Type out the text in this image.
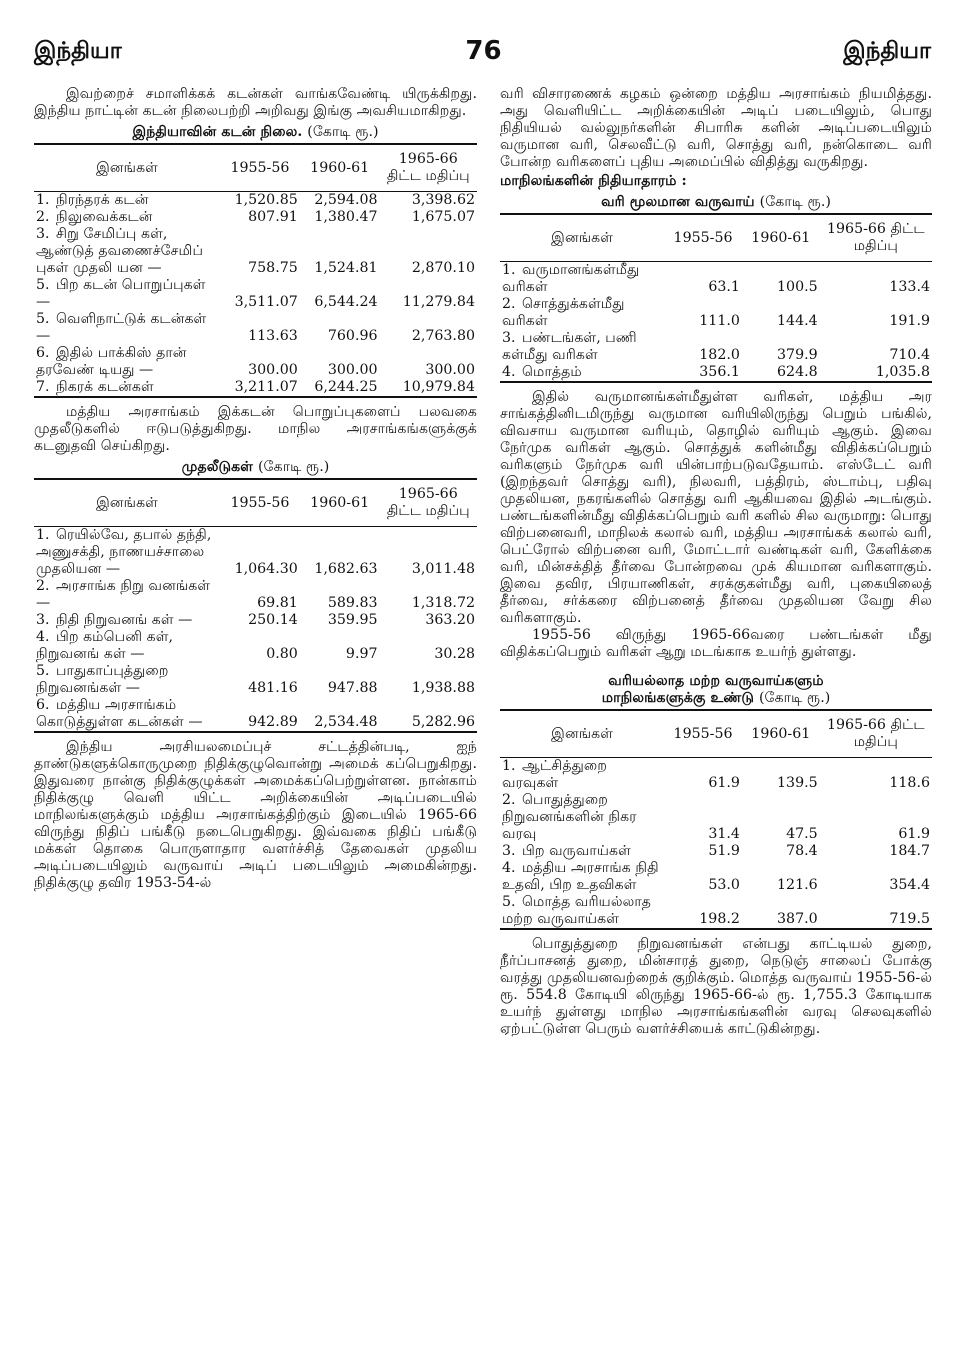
இந்தியா	76	இந்தியா

இவற்றைச் சமாளிக்கக் கடன்கள் வாங்கவேண்டி யிருக்கிறது. இந்திய நாட்டின் கடன் நிலைபற்றி அறிவது இங்கு அவசியமாகிறது.

இந்தியாவின் கடன் நிலை. (கோடி ரூ.)
இனங்கள்	1955-56	1960-61	1965-66 திட்ட மதிப்பு
1. நிரந்தரக் கடன்	1,520.85	2,594.08	3,398.62
2. நிலுவைக்கடன்	807.91	1,380.47	1,675.07
3. சிறு சேமிப்பு கள், ஆண்டுத் தவணைச்சேமிப் புகள் முதலி யன —	758.75	1,524.81	2,870.10
5. பிற கடன் பொறுப்புகள்—	3,511.07	6,544.24	11,279.84
5. வெளிநாட்டுக் கடன்கள் —	113.63	760.96	2,763.80
6. இதில் பாக்கிஸ் தான் தரவேண் டியது —	300.00	300.00	300.00
7. நிகரக் கடன்கள்	3,211.07	6,244.25	10,979.84

மத்திய அரசாங்கம் இக்கடன் பொறுப்புகளைப் பலவகை முதலீடுகளில் ஈடுபடுத்துகிறது. மாநில அரசாங்கங்களுக்குக் கடனுதவி செய்கிறது.

முதலீடுகள் (கோடி ரூ.)
இனங்கள்	1955-56	1960-61	1965-66 திட்ட மதிப்பு
1. ரெயில்வே, தபால் தந்தி, அணுசக்தி, நாணயச்சாலை முதலியன —	1,064.30	1,682.63	3,011.48
2. அரசாங்க நிறு வனங்கள் —	69.81	589.83	1,318.72
3. நிதி நிறுவனங் கள் —	250.14	359.95	363.20
4. பிற கம்பெனி கள், நிறுவனங் கள் —	0.80	9.97	30.28
5. பாதுகாப்புத்துறை நிறுவனங்கள் —	481.16	947.88	1,938.88
6. மத்திய அரசாங்கம் கொடுத்துள்ள கடன்கள் —	942.89	2,534.48	5,282.96

இந்திய அரசியலமைப்புச் சட்டத்தின்படி, ஐந் தாண்டுகளுக்கொருமுறை நிதிக்குழுவொன்று அமைக் கப்பெறுகிறது. இதுவரை நான்கு நிதிக்குழுக்கள் அமைக்கப்பெற்றுள்ளன. நான்காம் நிதிக்குழு வெளி யிட்ட அறிக்கையின் அடிப்படையில் மாநிலங்களுக்கும் மத்திய அரசாங்கத்திற்கும் இடையில் 1965-66 விருந்து நிதிப் பங்கீடு நடைபெறுகிறது. இவ்வகை நிதிப் பங்கீடு மக்கள் தொகை பொருளாதார வளர்ச்சித் தேவைகள் முதலிய அடிப்படையிலும் வருவாய் அடிப் படையிலும் அமைகின்றது. நிதிக்குழு தவிர 1953-54-ல்

வரி விசாரணைக் கழகம் ஒன்றை மத்திய அரசாங்கம் நியமித்தது. அது வெளியிட்ட அறிக்கையின் அடிப் படையிலும், பொது நிதியியல் வல்லுநர்களின் சிபாரிசு களின் அடிப்படையிலும் வருமான வரி, செலவீட்டு வரி, சொத்து வரி, நன்கொடை வரி போன்ற வரிகளைப் புதிய அமைப்பில் விதித்து வருகிறது.

மாநிலங்களின் நிதியாதாரம் :

வரி மூலமான வருவாய் (கோடி ரூ.)
இனங்கள்	1955-56	1960-61	1965-66 திட்ட மதிப்பு
1. வருமானங்கள்மீது வரிகள்	63.1	100.5	133.4
2. சொத்துக்கள்மீது வரிகள்	111.0	144.4	191.9
3. பண்டங்கள், பணி கள்மீது வரிகள்	182.0	379.9	710.4
4. மொத்தம்	356.1	624.8	1,035.8

இதில் வருமானங்கள்மீதுள்ள வரிகள், மத்திய அர சாங்கத்தினிடமிருந்து வருமான வரியிலிருந்து பெறும் பங்கில், விவசாய வருமான வரியும், தொழில் வரியும் ஆகும். இவை நேர்முக வரிகள் ஆகும். சொத்துக் களின்மீது விதிக்கப்பெறும் வரிகளும் நேர்முக வரி யின்பாற்படுவதேயாம். எஸ்டேட் வரி (இறந்தவர் சொத்து வரி), நிலவரி, பத்திரம், ஸ்டாம்பு, பதிவு முதலியன, நகரங்களில் சொத்து வரி ஆகியவை இதில் அடங்கும். பண்டங்களின்மீது விதிக்கப்பெறும் வரி களில் சில வருமாறு: பொது விற்பனைவரி, மாநிலக் கலால் வரி, மத்திய அரசாங்கக் கலால் வரி, பெட்ரோல் விற்பனை வரி, மோட்டார் வண்டிகள் வரி, கேளிக்கை வரி, மின்சக்தித் தீர்வை போன்றவை முக் கியமான வரிகளாகும். இவை தவிர, பிரயாணிகள், சரக்குகள்மீது வரி, புகையிலைத் தீர்வை, சர்க்கரை விற்பனைத் தீர்வை முதலியன வேறு சில வரிகளாகும்.

1955-56 விருந்து 1965-66வரை பண்டங்கள் மீது விதிக்கப்பெறும் வரிகள் ஆறு மடங்காக உயர்ந் துள்ளது.

வரியல்லாத மற்ற வருவாய்களும்
மாநிலங்களுக்கு உண்டு (கோடி ரூ.)
இனங்கள்	1955-56	1960-61	1965-66 திட்ட மதிப்பு
1. ஆட்சித்துறை வரவுகள்	61.9	139.5	118.6
2. பொதுத்துறை நிறுவனங்களின் நிகர வரவு	31.4	47.5	61.9
3. பிற வருவாய்கள்	51.9	78.4	184.7
4. மத்திய அரசாங்க நிதி உதவி, பிற உதவிகள்	53.0	121.6	354.4
5. மொத்த வரியல்லாத மற்ற வருவாய்கள்	198.2	387.0	719.5

பொதுத்துறை நிறுவனங்கள் என்பது காட்டியல் துறை, நீர்ப்பாசனத் துறை, மின்சாரத் துறை, நெடுஞ் சாலைப் போக்கு வரத்து முதலியனவற்றைக் குறிக்கும். மொத்த வருவாய் 1955-56-ல் ரூ. 554.8 கோடியி லிருந்து 1965-66-ல் ரூ. 1,755.3 கோடியாக உயர்ந் துள்ளது மாநில அரசாங்கங்களின் வரவு செலவுகளில் ஏற்பட்டுள்ள பெரும் வளர்ச்சியைக் காட்டுகின்றது.
